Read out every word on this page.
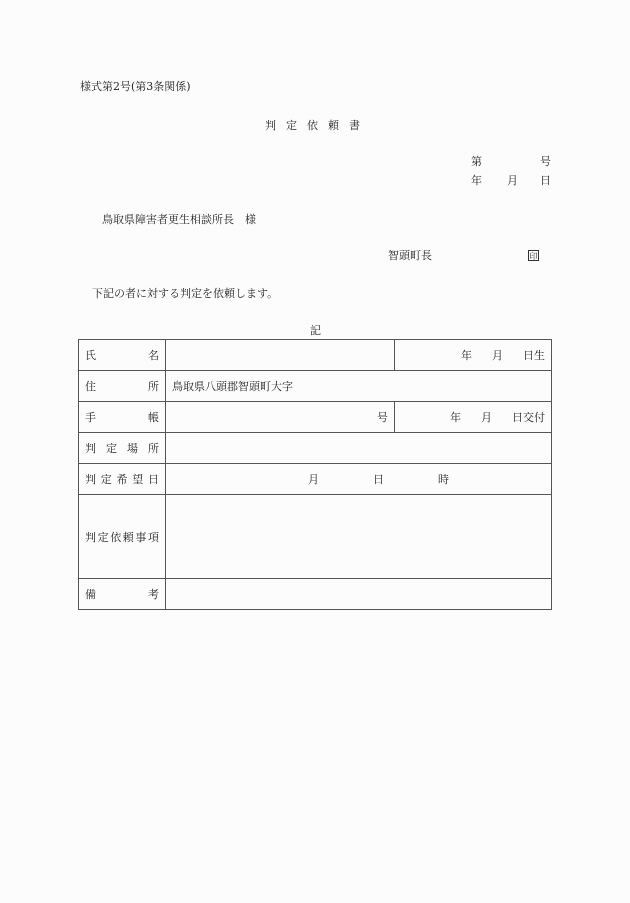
様式第2号(第3条関係)
判定依頼書
第	号
年 月 日
鳥取県障害者更生相談所長　様
智頭町長	印
下記の者に対する判定を依頼します。
記
氏 名		年 月 日生

住 所	鳥取県八頭郡智頭町大字	

手 帳	号	年 月 日交付

判 定 場 所		

判 定 希 望 日	月 日 時	

判 定 依 頼 事 項

備 考		
